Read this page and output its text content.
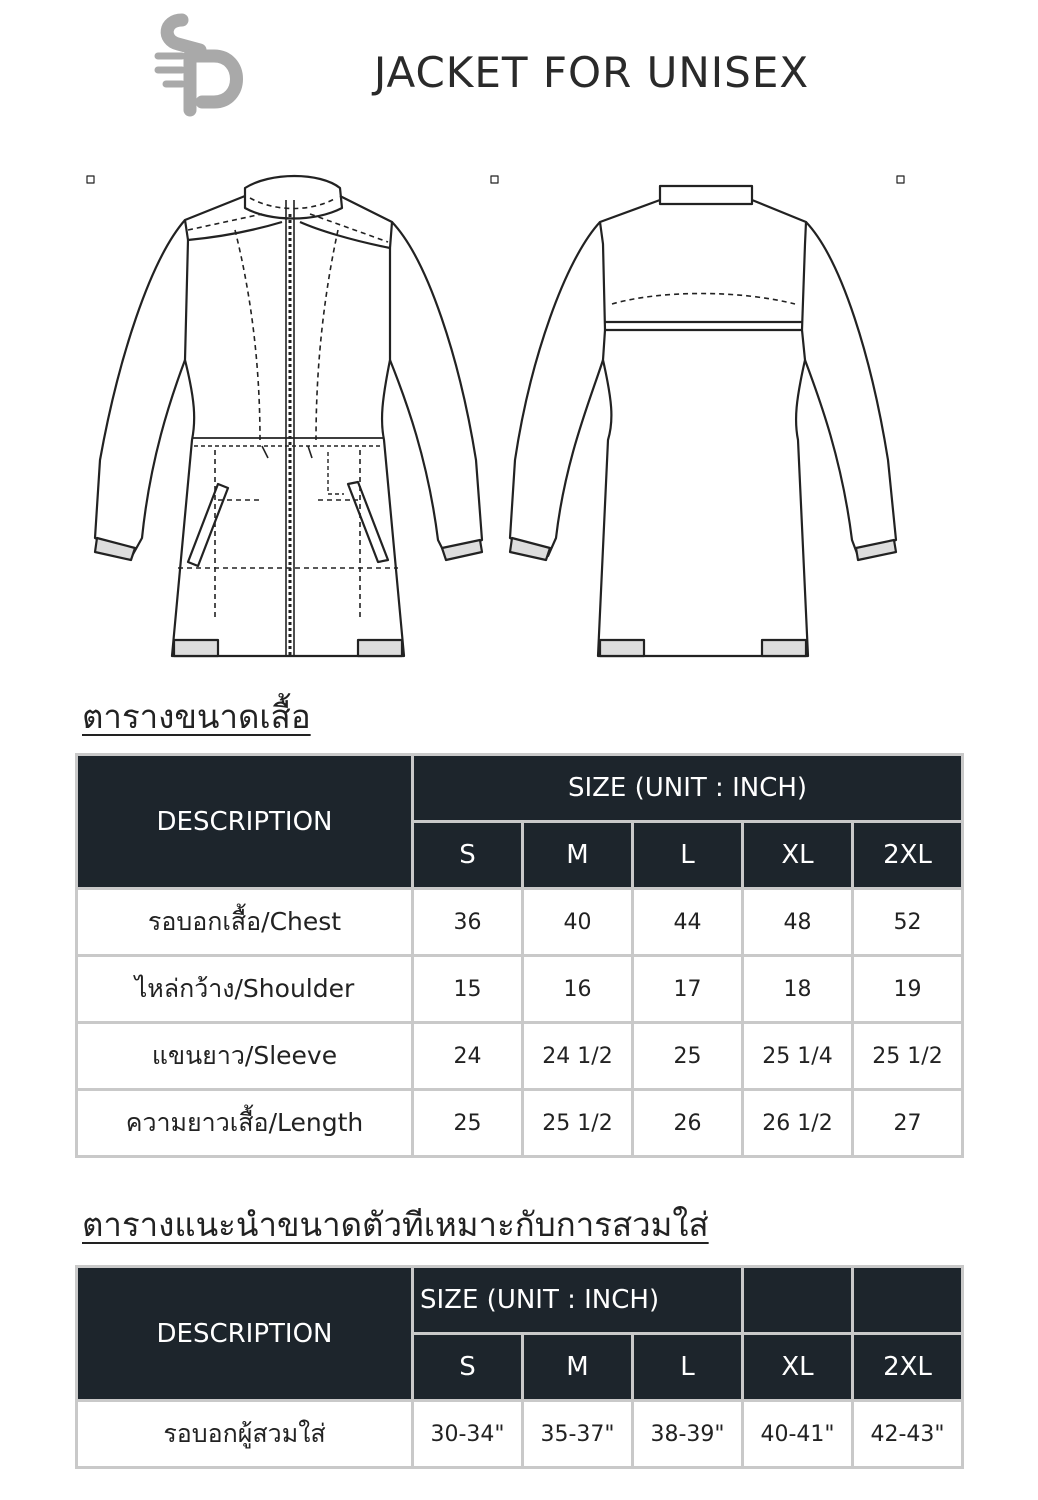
JACKET FOR UNISEX
ตารางขนาดเสื้อ
DESCRIPTION	SIZE (UNIT : INCH)				
	S	M	L	XL	2XL
รอบอกเสื้อ/Chest	36	40	44	48	52
ไหล่กว้าง/Shoulder	15	16	17	18	19
แขนยาว/Sleeve	24	24 1/2	25	25 1/4	25 1/2
ความยาวเสื้อ/Length	25	25 1/2	26	26 1/2	27
ตารางแนะนำขนาดตัวทีเหมาะกับการสวมใส่
DESCRIPTION	SIZE (UNIT : INCH)				
	S	M	L	XL	2XL
รอบอกผู้สวมใส่	30-34"	35-37"	38-39"	40-41"	42-43"
